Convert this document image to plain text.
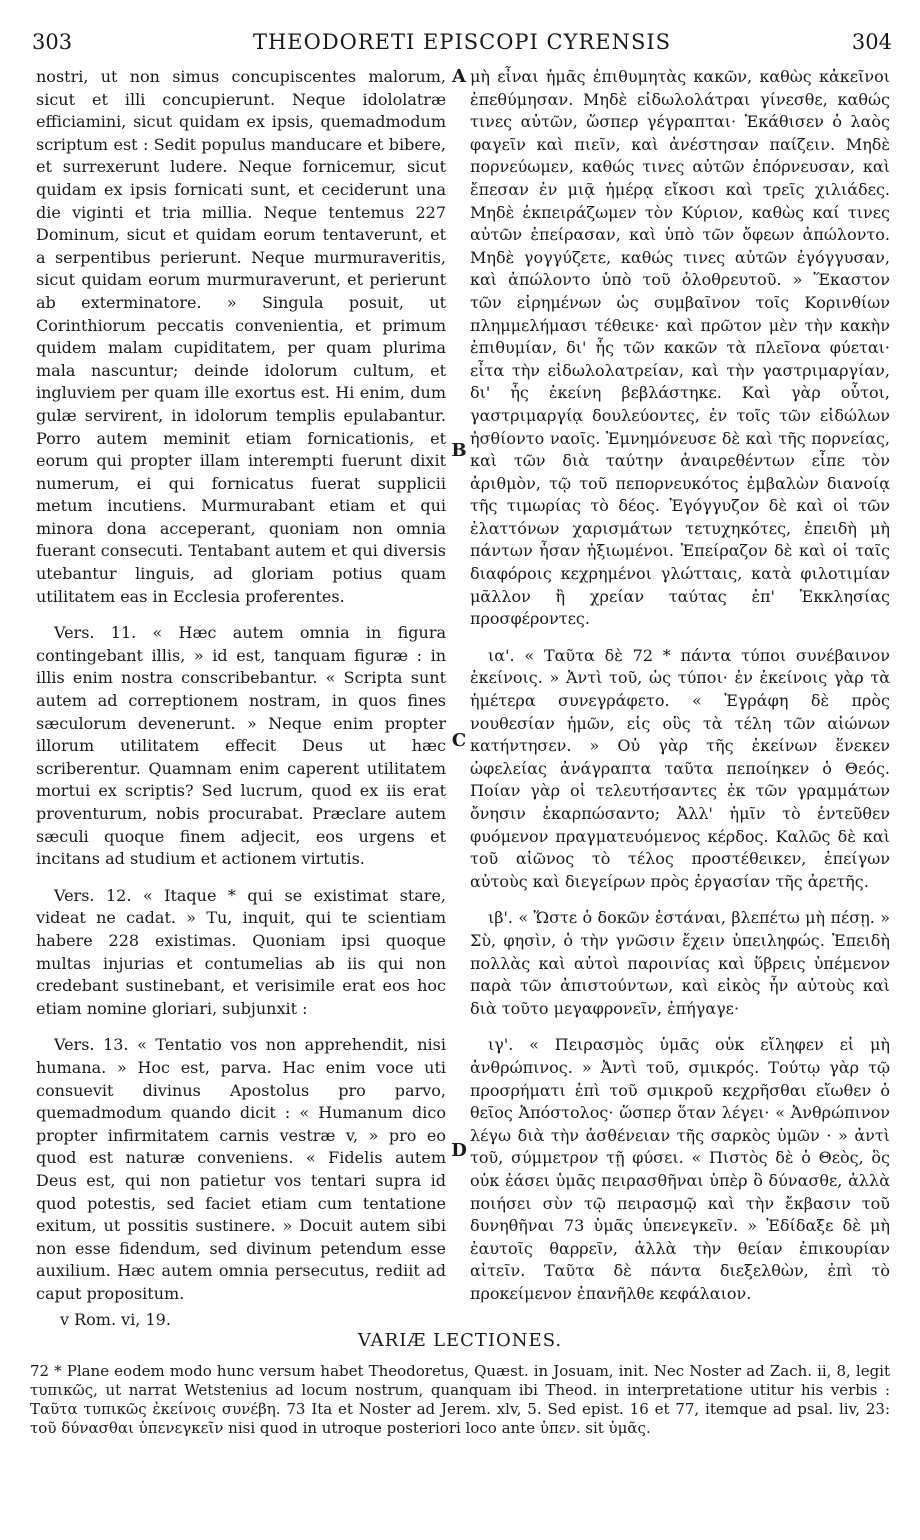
303	THEODORETI EPISCOPI CYRENSIS	304

nostri, ut non simus concupiscentes malorum, sicut et illi concupierunt. Neque idololatræ efficiamini, sicut quidam ex ipsis, quemadmodum scriptum est : Sedit populus manducare et bibere, et surrexerunt ludere. Neque fornicemur, sicut quidam ex ipsis fornicati sunt, et ceciderunt una die viginti et tria millia. Neque tentemus 227 Dominum, sicut et quidam eorum tentaverunt, et a serpentibus perierunt. Neque murmuraveritis, sicut quidam eorum murmuraverunt, et perierunt ab exterminatore. » Singula posuit, ut Corinthiorum peccatis convenientia, et primum quidem malam cupiditatem, per quam plurima mala nascuntur; deinde idolorum cultum, et ingluviem per quam ille exortus est. Hi enim, dum gulæ servirent, in idolorum templis epulabantur. Porro autem meminit etiam fornicationis, et eorum qui propter illam interempti fuerunt dixit numerum, ei qui fornicatus fuerat supplicii metum incutiens. Murmurabant etiam et qui minora dona acceperant, quoniam non omnia fuerant consecuti. Tentabant autem et qui diversis utebantur linguis, ad gloriam potius quam utilitatem eas in Ecclesia proferentes.

Vers. 11. « Hæc autem omnia in figura contingebant illis, » id est, tanquam figuræ : in illis enim nostra conscribebantur. « Scripta sunt autem ad correptionem nostram, in quos fines sæculorum devenerunt. » Neque enim propter illorum utilitatem effecit Deus ut hæc scriberentur. Quamnam enim caperent utilitatem mortui ex scriptis? Sed lucrum, quod ex iis erat proventurum, nobis procurabat. Præclare autem sæculi quoque finem adjecit, eos urgens et incitans ad studium et actionem virtutis.

Vers. 12. « Itaque * qui se existimat stare, videat ne cadat. » Tu, inquit, qui te scientiam habere 228 existimas. Quoniam ipsi quoque multas injurias et contumelias ab iis qui non credebant sustinebant, et verisimile erat eos hoc etiam nomine gloriari, subjunxit :

Vers. 13. « Tentatio vos non apprehendit, nisi humana. » Hoc est, parva. Hac enim voce uti consuevit divinus Apostolus pro parvo, quemadmodum quando dicit : « Humanum dico propter infirmitatem carnis vestræ v, » pro eo quod est naturæ conveniens. « Fidelis autem Deus est, qui non patietur vos tentari supra id quod potestis, sed faciet etiam cum tentatione exitum, ut possitis sustinere. » Docuit autem sibi non esse fidendum, sed divinum petendum esse auxilium. Hæc autem omnia persecutus, rediit ad caput propositum.

A
B
C
D

μὴ εἶναι ἡμᾶς ἐπιθυμητὰς κακῶν, καθὼς κἀκεῖνοι ἐπεθύμησαν. Μηδὲ εἰδωλολάτραι γίνεσθε, καθώς τινες αὐτῶν, ὥσπερ γέγραπται· Ἐκάθισεν ὁ λαὸς φαγεῖν καὶ πιεῖν, καὶ ἀνέστησαν παίζειν. Μηδὲ πορνεύωμεν, καθώς τινες αὐτῶν ἐπόρνευσαν, καὶ ἔπεσαν ἐν μιᾷ ἡμέρᾳ εἴκοσι καὶ τρεῖς χιλιάδες. Μηδὲ ἐκπειράζωμεν τὸν Κύριον, καθὼς καί τινες αὐτῶν ἐπείρασαν, καὶ ὑπὸ τῶν ὄφεων ἀπώλοντο. Μηδὲ γογγύζετε, καθώς τινες αὐτῶν ἐγόγγυσαν, καὶ ἀπώλοντο ὑπὸ τοῦ ὀλοθρευτοῦ. » Ἕκαστον τῶν εἰρημένων ὡς συμβαῖνον τοῖς Κορινθίων πλημμελήμασι τέθεικε· καὶ πρῶτον μὲν τὴν κακὴν ἐπιθυμίαν, δι' ἧς τῶν κακῶν τὰ πλεῖονα φύεται· εἶτα τὴν εἰδωλολατρείαν, καὶ τὴν γαστριμαργίαν, δι' ἧς ἐκείνη βεβλάστηκε. Καὶ γὰρ οὗτοι, γαστριμαργίᾳ δουλεύοντες, ἐν τοῖς τῶν εἰδώλων ἠσθίοντο ναοῖς. Ἐμνημόνευσε δὲ καὶ τῆς πορνείας, καὶ τῶν διὰ ταύτην ἀναιρεθέντων εἶπε τὸν ἀριθμὸν, τῷ τοῦ πεπορνευκότος ἐμβαλὼν διανοίᾳ τῆς τιμωρίας τὸ δέος. Ἐγόγγυζον δὲ καὶ οἱ τῶν ἐλαττόνων χαρισμάτων τετυχηκότες, ἐπειδὴ μὴ πάντων ἦσαν ἠξιωμένοι. Ἐπείραζον δὲ καὶ οἱ ταῖς διαφόροις κεχρημένοι γλώτταις, κατὰ φιλοτιμίαν μᾶλλον ἢ χρείαν ταύτας ἐπ' Ἐκκλησίας προσφέροντες.

ια'. « Ταῦτα δὲ 72 * πάντα τύποι συνέβαινον ἐκείνοις. » Ἀντὶ τοῦ, ὡς τύποι· ἐν ἐκείνοις γὰρ τὰ ἡμέτερα συνεγράφετο. « Ἐγράφη δὲ πρὸς νουθεσίαν ἡμῶν, εἰς οὓς τὰ τέλη τῶν αἰώνων κατήντησεν. » Οὐ γὰρ τῆς ἐκείνων ἕνεκεν ὠφελείας ἀνάγραπτα ταῦτα πεποίηκεν ὁ Θεός. Ποίαν γὰρ οἱ τελευτήσαντες ἐκ τῶν γραμμάτων ὄνησιν ἐκαρπώσαντο; Ἀλλ' ἡμῖν τὸ ἐντεῦθεν φυόμενον πραγματευόμενος κέρδος. Καλῶς δὲ καὶ τοῦ αἰῶνος τὸ τέλος προστέθεικεν, ἐπείγων αὐτοὺς καὶ διεγείρων πρὸς ἐργασίαν τῆς ἀρετῆς.

ιβ'. « Ὥστε ὁ δοκῶν ἑστάναι, βλεπέτω μὴ πέσῃ. » Σὺ, φησὶν, ὁ τὴν γνῶσιν ἔχειν ὑπειληφώς. Ἐπειδὴ πολλὰς καὶ αὐτοὶ παροινίας καὶ ὕβρεις ὑπέμενον παρὰ τῶν ἀπιστούντων, καὶ εἰκὸς ἦν αὐτοὺς καὶ διὰ τοῦτο μεγαφρονεῖν, ἐπήγαγε·

ιγ'. « Πειρασμὸς ὑμᾶς οὐκ εἴληφεν εἰ μὴ ἀνθρώπινος. » Ἀντὶ τοῦ, σμικρός. Τούτῳ γὰρ τῷ προσρήματι ἐπὶ τοῦ σμικροῦ κεχρῆσθαι εἴωθεν ὁ θεῖος Ἀπόστολος· ὥσπερ ὅταν λέγει· « Ἀνθρώπινον λέγω διὰ τὴν ἀσθένειαν τῆς σαρκὸς ὑμῶν · » ἀντὶ τοῦ, σύμμετρον τῇ φύσει. « Πιστὸς δὲ ὁ Θεὸς, ὃς οὐκ ἐάσει ὑμᾶς πειρασθῆναι ὑπὲρ ὃ δύνασθε, ἀλλὰ ποιήσει σὺν τῷ πειρασμῷ καὶ τὴν ἔκβασιν τοῦ δυνηθῆναι 73 ὑμᾶς ὑπενεγκεῖν. » Ἐδίδαξε δὲ μὴ ἑαυτοῖς θαρρεῖν, ἀλλὰ τὴν θείαν ἐπικουρίαν αἰτεῖν. Ταῦτα δὲ πάντα διεξελθὼν, ἐπὶ τὸ προκείμενον ἐπανῆλθε κεφάλαιον.

v Rom. vi, 19.
VARIÆ LECTIONES.
72 * Plane eodem modo hunc versum habet Theodoretus, Quæst. in Josuam, init. Nec Noster ad Zach. ii, 8, legit τυπικῶς, ut narrat Wetstenius ad locum nostrum, quanquam ibi Theod. in interpretatione utitur his verbis : Ταῦτα τυπικῶς ἐκείνοις συνέβη. 73 Ita et Noster ad Jerem. xlv, 5. Sed epist. 16 et 77, itemque ad psal. liv, 23: τοῦ δύνασθαι ὑπενεγκεῖν nisi quod in utroque posteriori loco ante ὑπεν. sit ὑμᾶς.
